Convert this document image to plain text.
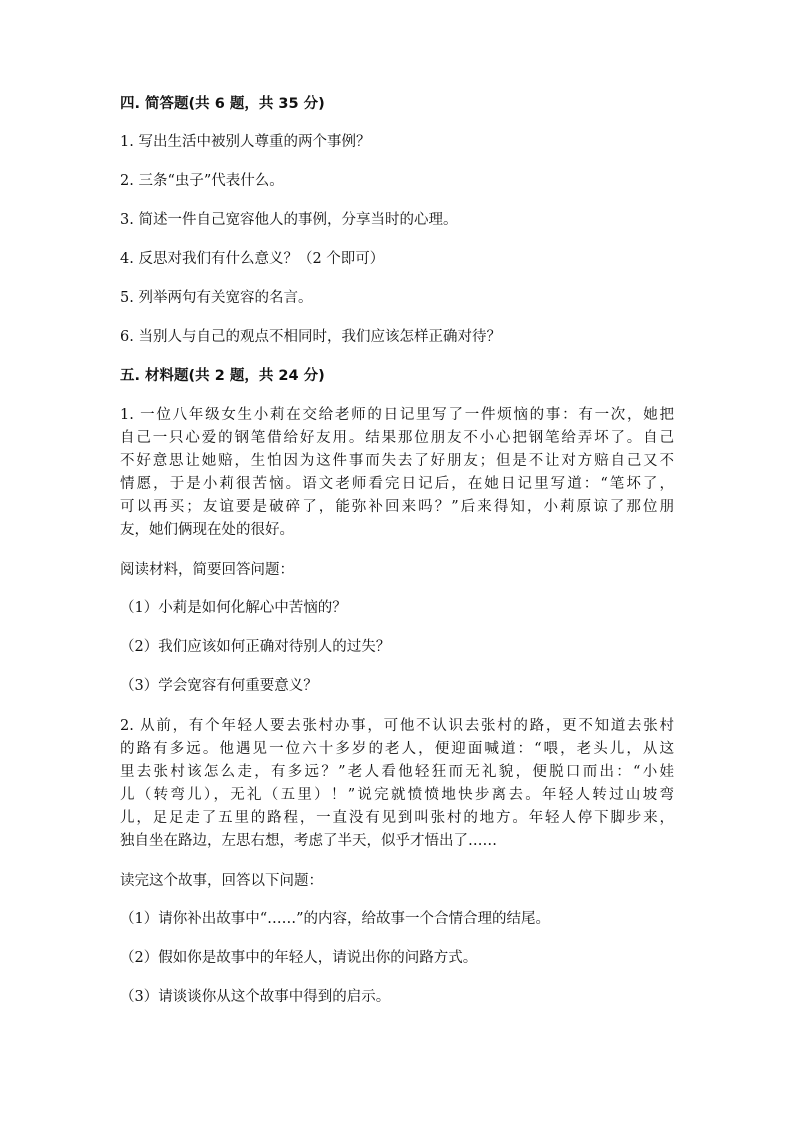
四. 简答题(共 6 题，共 35 分)
1. 写出生活中被别人尊重的两个事例？
2. 三条“虫子”代表什么。
3. 简述一件自己宽容他人的事例，分享当时的心理。
4. 反思对我们有什么意义？（2 个即可）
5. 列举两句有关宽容的名言。
6. 当别人与自己的观点不相同时，我们应该怎样正确对待？
五. 材料题(共 2 题，共 24 分)
1. 一位八年级女生小莉在交给老师的日记里写了一件烦恼的事：有一次，她把
自己一只心爱的钢笔借给好友用。结果那位朋友不小心把钢笔给弄坏了。自己
不好意思让她赔，生怕因为这件事而失去了好朋友；但是不让对方赔自己又不
情愿，于是小莉很苦恼。语文老师看完日记后，在她日记里写道：“笔坏了，
可以再买；友谊要是破碎了，能弥补回来吗？”后来得知，小莉原谅了那位朋
友，她们俩现在处的很好。
阅读材料，简要回答问题：
（1）小莉是如何化解心中苦恼的？
（2）我们应该如何正确对待别人的过失？
（3）学会宽容有何重要意义？
2. 从前，有个年轻人要去张村办事，可他不认识去张村的路，更不知道去张村
的路有多远。他遇见一位六十多岁的老人，便迎面喊道：“喂，老头儿，从这
里去张村该怎么走，有多远？”老人看他轻狂而无礼貌，便脱口而出：“小娃
儿（转弯儿），无礼（五里）！”说完就愤愤地快步离去。年轻人转过山坡弯
儿，足足走了五里的路程，一直没有见到叫张村的地方。年轻人停下脚步来，
独自坐在路边，左思右想，考虑了半天，似乎才悟出了……
读完这个故事，回答以下问题：
（1）请你补出故事中“……”的内容，给故事一个合情合理的结尾。
（2）假如你是故事中的年轻人，请说出你的问路方式。
（3）请谈谈你从这个故事中得到的启示。
